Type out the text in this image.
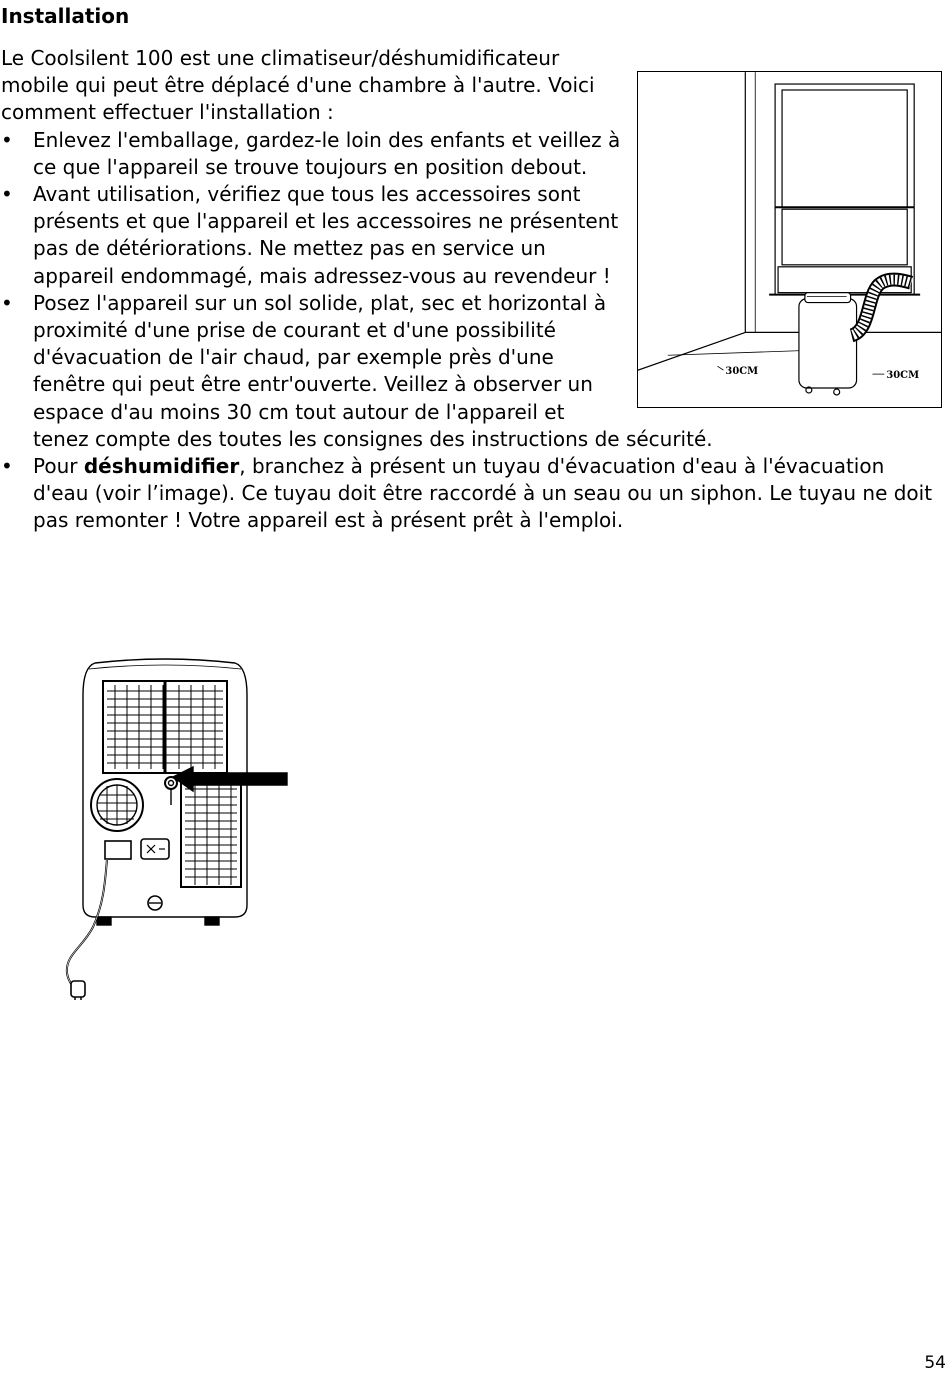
Installation
30CM	30CM

Le Coolsilent 100 est une climatiseur/déshumidificateur mobile qui peut être déplacé d'une chambre à l'autre. Voici comment effectuer l'installation :

• Enlevez l'emballage, gardez-le loin des enfants et veillez à ce que l'appareil se trouve toujours en position debout.
• Avant utilisation, vérifiez que tous les accessoires sont présents et que l'appareil et les accessoires ne présentent pas de détériorations. Ne mettez pas en service un appareil endommagé, mais adressez-vous au revendeur !
• Posez l'appareil sur un sol solide, plat, sec et horizontal à proximité d'une prise de courant et d'une possibilité d'évacuation de l'air chaud, par exemple près d'une fenêtre qui peut être entr'ouverte. Veillez à observer un espace d'au moins 30 cm tout autour de l'appareil et tenez compte des toutes les consignes des instructions de sécurité.
• Pour déshumidifier, branchez à présent un tuyau d'évacuation d'eau à l'évacuation d'eau (voir l’image). Ce tuyau doit être raccordé à un seau ou un siphon. Le tuyau ne doit pas remonter ! Votre appareil est à présent prêt à l'emploi.
54
